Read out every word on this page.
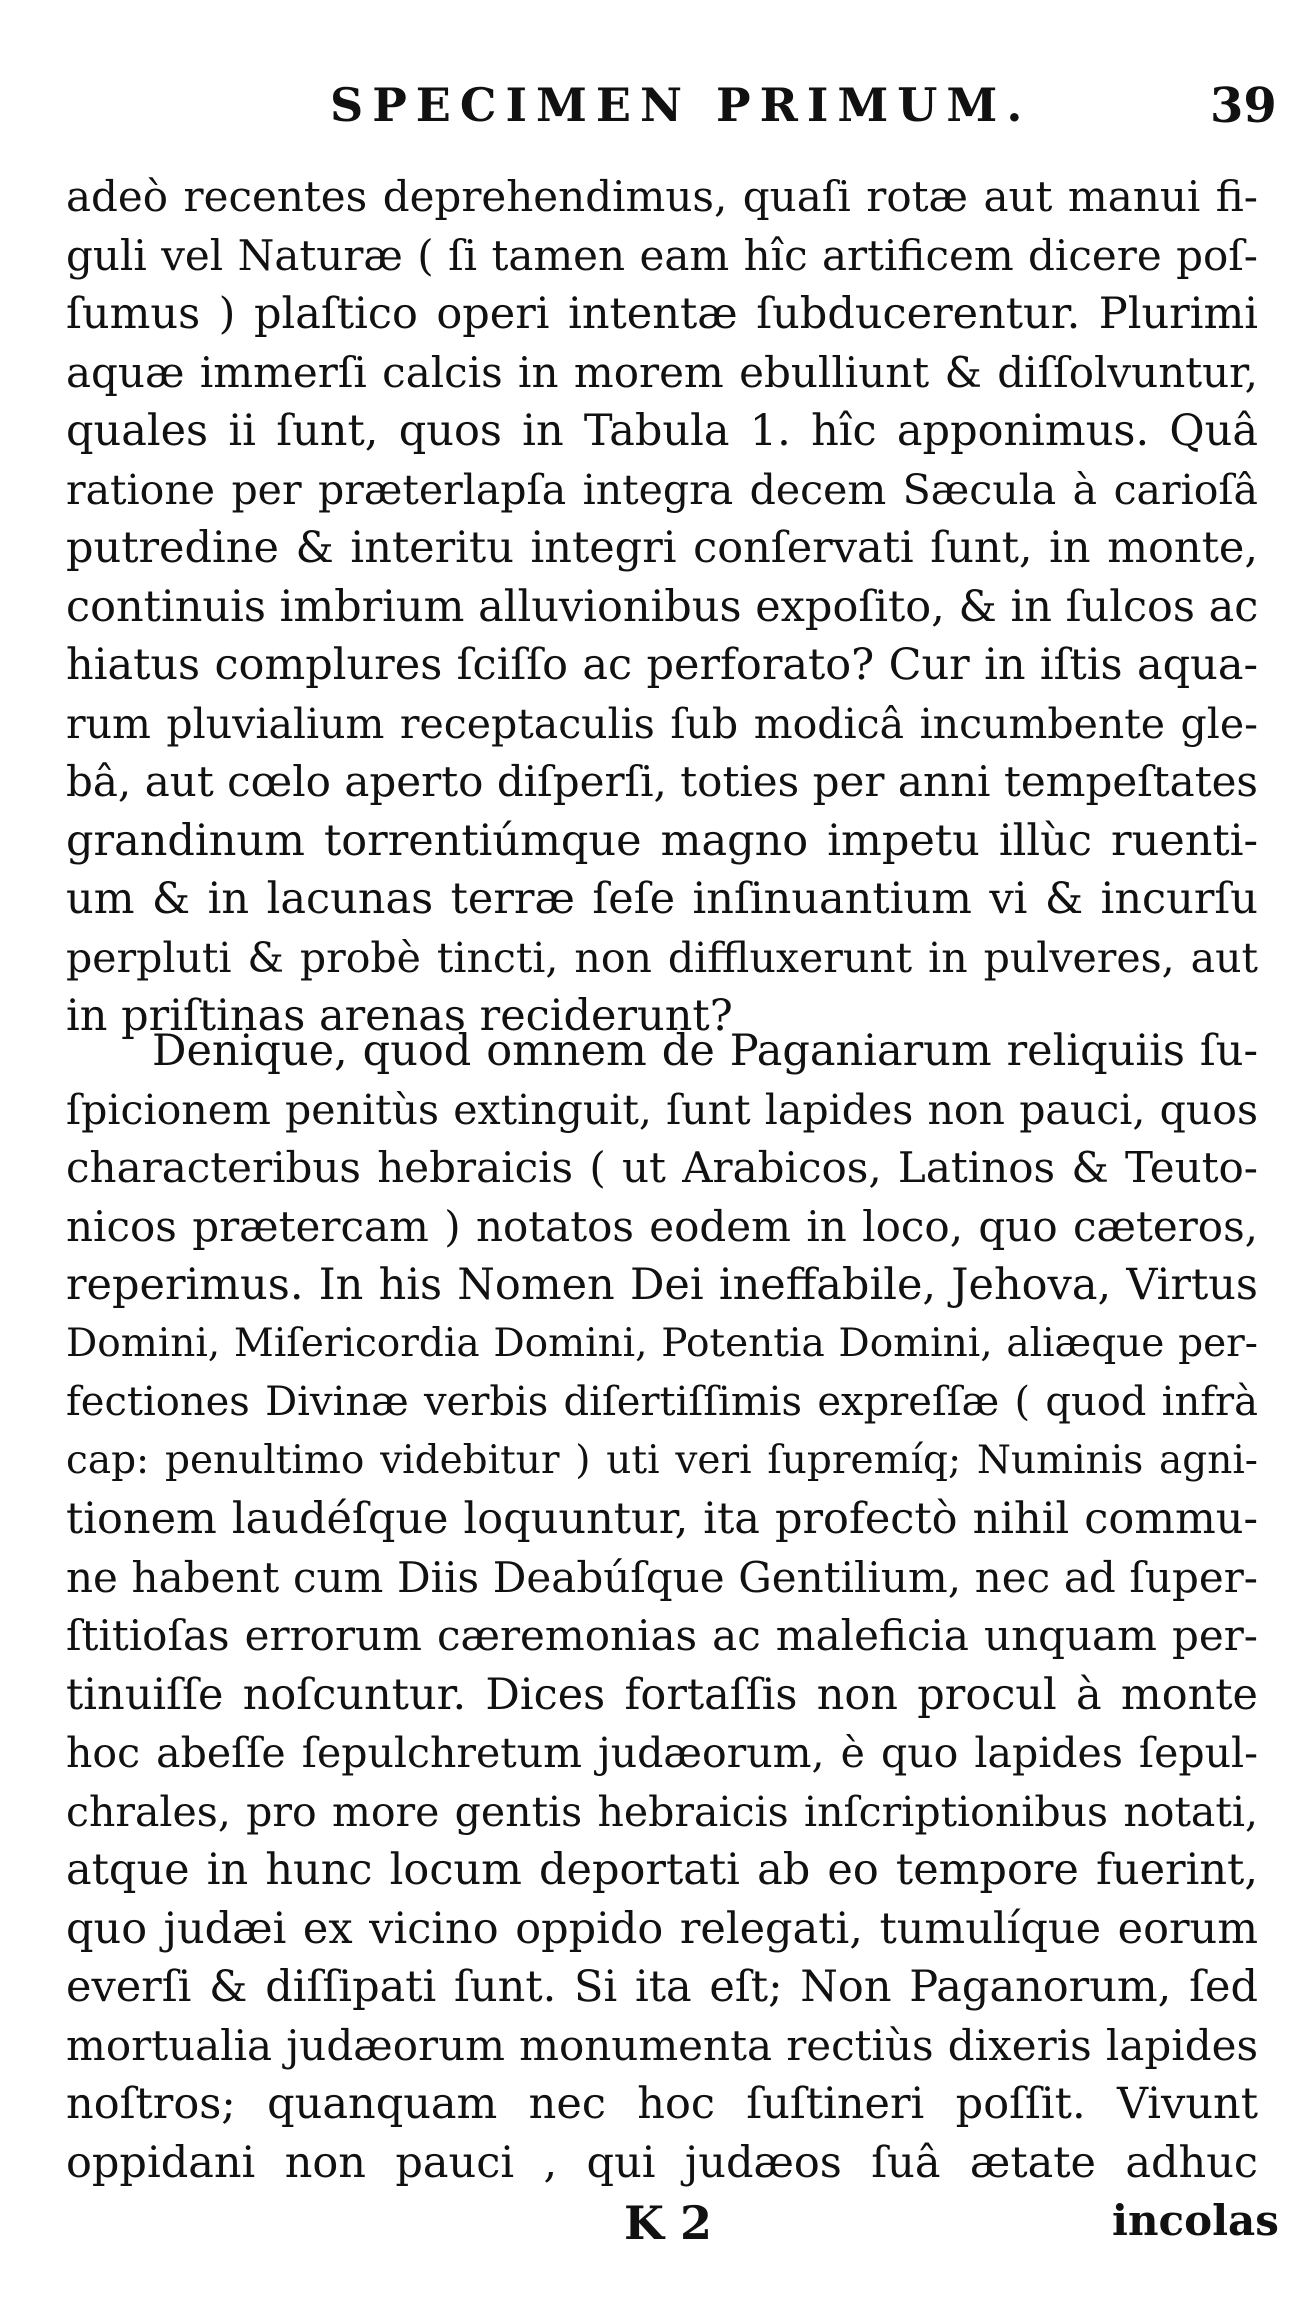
SPECIMEN PRIMUM.	39
adeò recentes deprehendimus, quaſi rotæ aut manui fi-
guli vel Naturæ ( ſi tamen eam hîc artificem dicere poſ-
ſumus ) plaſtico operi intentæ ſubducerentur. Plurimi
aquæ immerſi calcis in morem ebulliunt & diſſolvuntur,
quales ii ſunt, quos in Tabula 1. hîc apponimus. Quâ
ratione per præterlapſa integra decem Sæcula à carioſâ
putredine & interitu integri conſervati ſunt, in monte,
continuis imbrium alluvionibus expoſito, & in ſulcos ac
hiatus complures ſciſſo ac perforato? Cur in iſtis aqua-
rum pluvialium receptaculis ſub modicâ incumbente gle-
bâ, aut cœlo aperto diſperſi, toties per anni tempeſtates
grandinum torrentiúmque magno impetu illùc ruenti-
um & in lacunas terræ ſeſe inſinuantium vi & incurſu
perpluti & probè tincti, non diffluxerunt in pulveres, aut
in priſtinas arenas reciderunt?
Denique, quod omnem de Paganiarum reliquiis ſu-
ſpicionem penitùs extinguit, ſunt lapides non pauci, quos
characteribus hebraicis ( ut Arabicos, Latinos & Teuto-
nicos prætercam ) notatos eodem in loco, quo cæteros,
reperimus. In his Nomen Dei ineffabile, Jehova, Virtus
Domini, Miſericordia Domini, Potentia Domini, aliæque per-
fectiones Divinæ verbis diſertiſſimis expreſſæ ( quod infrà
cap: penultimo videbitur ) uti veri ſupremíq; Numinis agni-
tionem laudéſque loquuntur, ita profectò nihil commu-
ne habent cum Diis Deabúſque Gentilium, nec ad ſuper-
ſtitioſas errorum cæremonias ac maleficia unquam per-
tinuiſſe noſcuntur. Dices fortaſſis non procul à monte
hoc abeſſe ſepulchretum judæorum, è quo lapides ſepul-
chrales, pro more gentis hebraicis inſcriptionibus notati,
atque in hunc locum deportati ab eo tempore fuerint,
quo judæi ex vicino oppido relegati, tumulíque eorum
everſi & diſſipati ſunt. Si ita eſt; Non Paganorum, ſed
mortualia judæorum monumenta rectiùs dixeris lapides
noſtros; quanquam nec hoc ſuſtineri poſſit. Vivunt
oppidani non pauci , qui judæos ſuâ ætate adhuc
K 2	incolas
